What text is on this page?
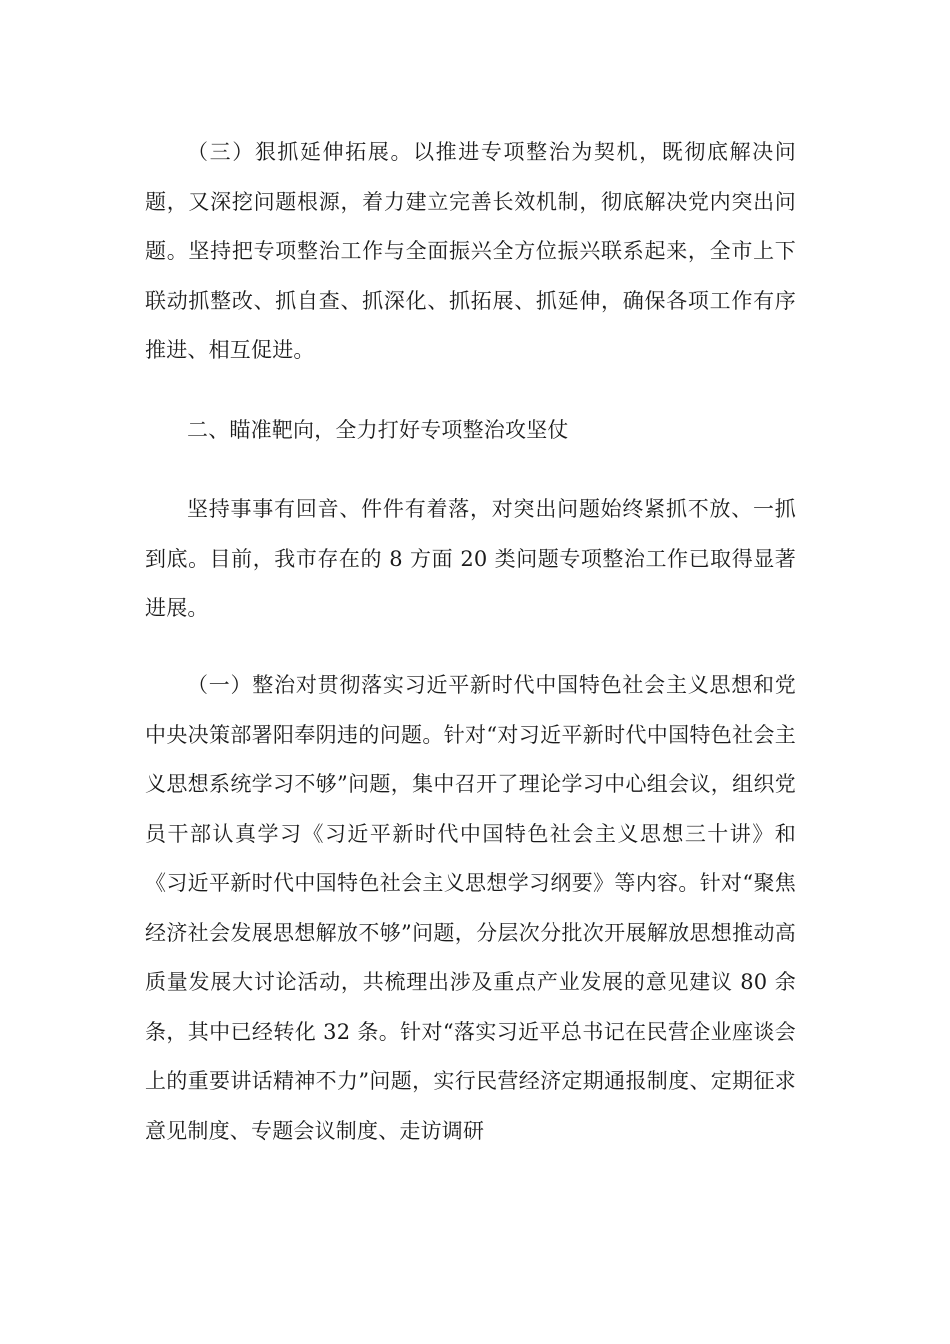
（三）狠抓延伸拓展。以推进专项整治为契机，既彻底解决问题，又深挖问题根源，着力建立完善长效机制，彻底解决党内突出问题。坚持把专项整治工作与全面振兴全方位振兴联系起来，全市上下联动抓整改、抓自查、抓深化、抓拓展、抓延伸，确保各项工作有序推进、相互促进。

二、瞄准靶向，全力打好专项整治攻坚仗

坚持事事有回音、件件有着落，对突出问题始终紧抓不放、一抓到底。目前，我市存在的 8 方面 20 类问题专项整治工作已取得显著进展。

（一）整治对贯彻落实习近平新时代中国特色社会主义思想和党中央决策部署阳奉阴违的问题。针对“对习近平新时代中国特色社会主义思想系统学习不够”问题，集中召开了理论学习中心组会议，组织党员干部认真学习《习近平新时代中国特色社会主义思想三十讲》和《习近平新时代中国特色社会主义思想学习纲要》等内容。针对“聚焦经济社会发展思想解放不够”问题，分层次分批次开展解放思想推动高质量发展大讨论活动，共梳理出涉及重点产业发展的意见建议 80 余条，其中已经转化 32 条。针对“落实习近平总书记在民营企业座谈会上的重要讲话精神不力”问题，实行民营经济定期通报制度、定期征求意见制度、专题会议制度、走访调研
